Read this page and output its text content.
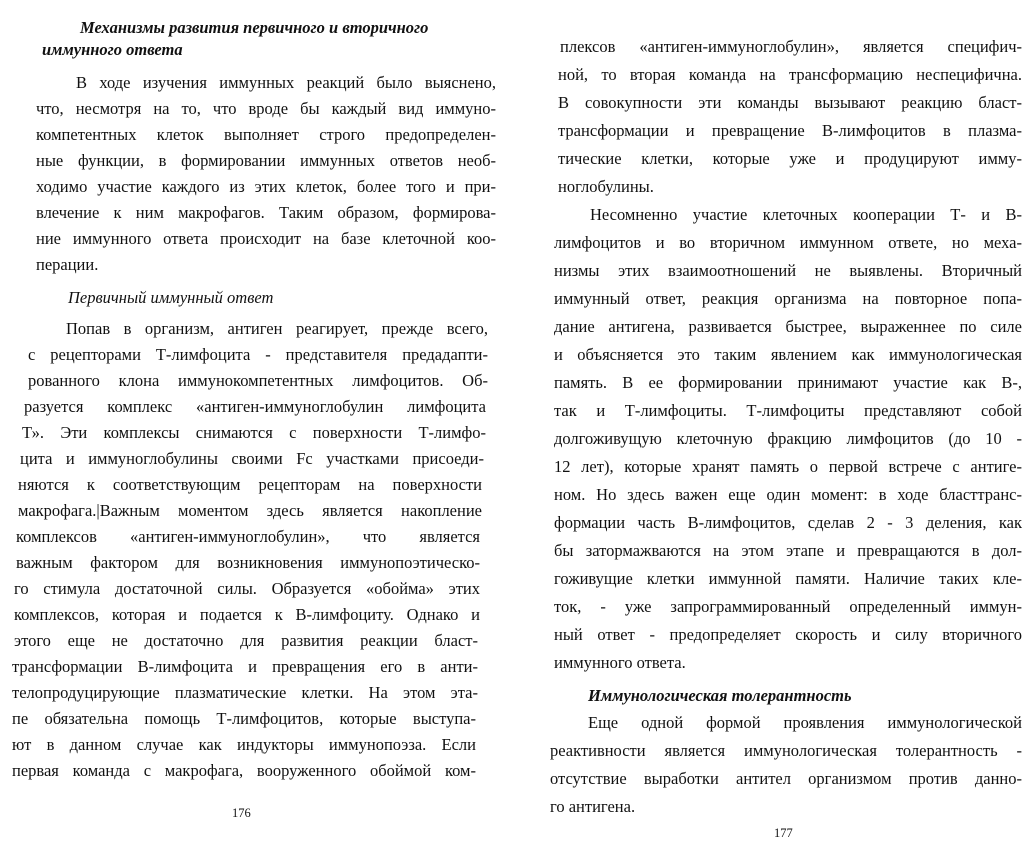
Механизмы развития первичного и вторичного
иммунного ответа
В ходе изучения иммунных реакций было выяснено,
что, несмотря на то, что вроде бы каждый вид иммуно-
компетентных клеток выполняет строго предопределен-
ные функции, в формировании иммунных ответов необ-
ходимо участие каждого из этих клеток, более того и при-
влечение к ним макрофагов. Таким образом, формирова-
ние иммунного ответа происходит на базе клеточной коо-
перации.
Первичный иммунный ответ
Попав в организм, антиген реагирует, прежде всего,
с рецепторами Т-лимфоцита - представителя предадапти-
рованного клона иммунокомпетентных лимфоцитов. Об-
разуется комплекс «антиген-иммуноглобулин лимфоцита
Т». Эти комплексы снимаются с поверхности Т-лимфо-
цита и иммуноглобулины своими Fc участками присоеди-
няются к соответствующим рецепторам на поверхности
макрофага.|Важным моментом здесь является накопление
комплексов «антиген-иммуноглобулин», что является
важным фактором для возникновения иммунопоэтическо-
го стимула достаточной силы. Образуется «обойма» этих
комплексов, которая и подается к В-лимфоциту. Однако и
этого еще не достаточно для развития реакции бласт-
трансформации В-лимфоцита и превращения его в анти-
телопродуцирующие плазматические клетки. На этом эта-
пе обязательна помощь Т-лимфоцитов, которые выступа-
ют в данном случае как индукторы иммунопоэза. Если
первая команда с макрофага, вооруженного обоймой ком-
176
плексов «антиген-иммуноглобулин», является специфич-
ной, то вторая команда на трансформацию неспецифична.
В совокупности эти команды вызывают реакцию бласт-
трансформации и превращение В-лимфоцитов в плазма-
тические клетки, которые уже и продуцируют имму-
ноглобулины.
Несомненно участие клеточных кооперации Т- и В-
лимфоцитов и во вторичном иммунном ответе, но меха-
низмы этих взаимоотношений не выявлены. Вторичный
иммунный ответ, реакция организма на повторное попа-
дание антигена, развивается быстрее, выраженнее по силе
и объясняется это таким явлением как иммунологическая
память. В ее формировании принимают участие как В-,
так и Т-лимфоциты. Т-лимфоциты представляют собой
долгоживущую клеточную фракцию лимфоцитов (до 10 -
12 лет), которые хранят память о первой встрече с антиге-
ном. Но здесь важен еще один момент: в ходе бласттранс-
формации часть В-лимфоцитов, сделав 2 - 3 деления, как
бы затормажваются на этом этапе и превращаются в дол-
гоживущие клетки иммунной памяти. Наличие таких кле-
ток, - уже запрограммированный определенный иммун-
ный ответ - предопределяет скорость и силу вторичного
иммунного ответа.
Иммунологическая толерантность
Еще одной формой проявления иммунологической
реактивности является иммунологическая толерантность -
отсутствие выработки антител организмом против данно-
го антигена.
177
